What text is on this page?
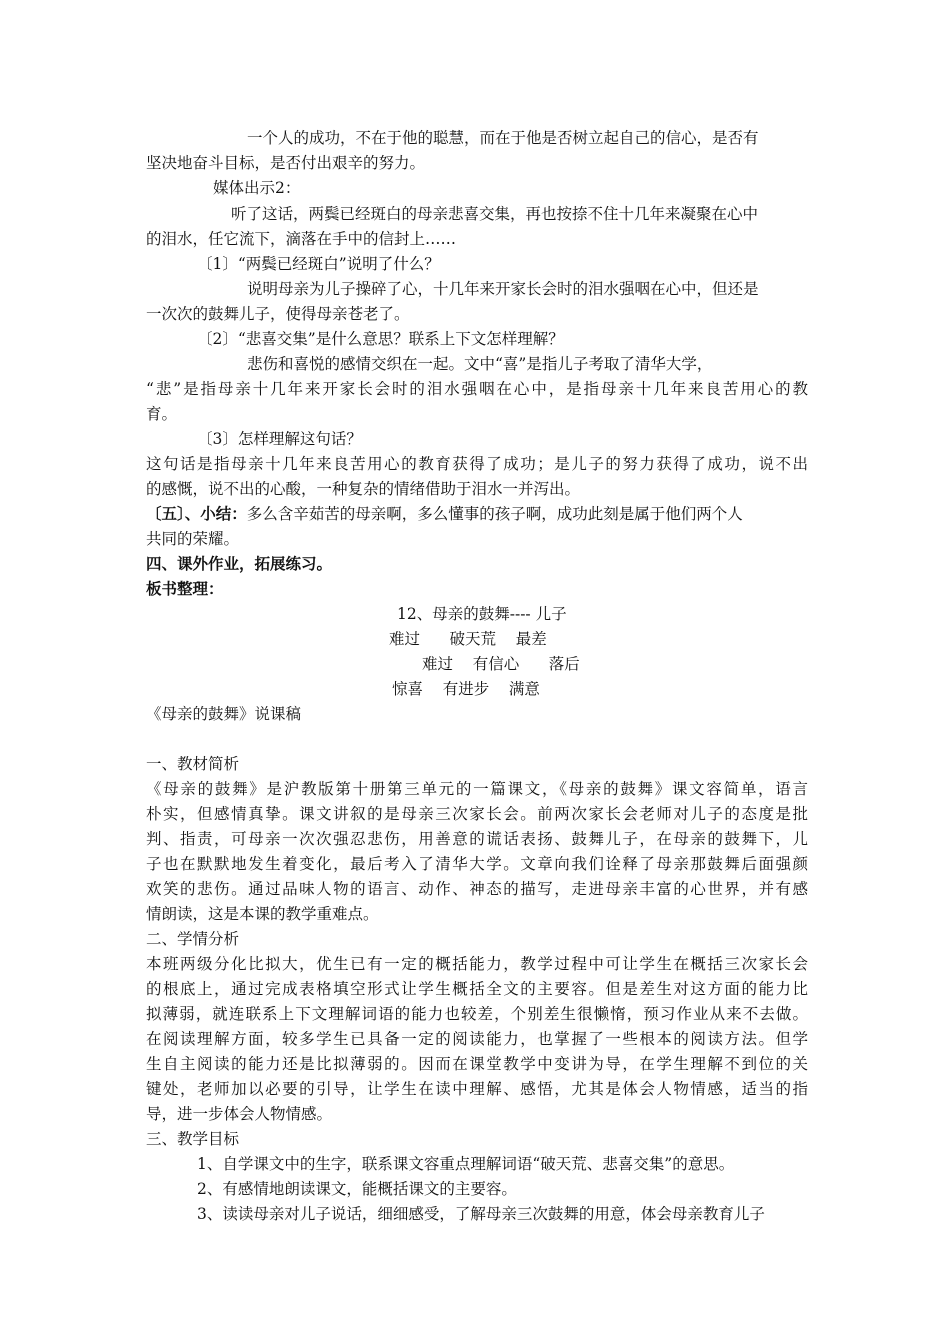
一个人的成功，不在于他的聪慧，而在于他是否树立起自己的信心，是否有
坚决地奋斗目标，是否付出艰辛的努力。
媒体出示2：
听了这话，两鬓已经斑白的母亲悲喜交集，再也按捺不住十几年来凝聚在心中
的泪水，任它流下，滴落在手中的信封上……
〔1〕“两鬓已经斑白”说明了什么？
说明母亲为儿子操碎了心，十几年来开家长会时的泪水强咽在心中，但还是
一次次的鼓舞儿子，使得母亲苍老了。
〔2〕“悲喜交集”是什么意思？联系上下文怎样理解？
悲伤和喜悦的感情交织在一起。文中“喜”是指儿子考取了清华大学，
“悲”是指母亲十几年来开家长会时的泪水强咽在心中，是指母亲十几年来良苦用心的教
育。
〔3〕怎样理解这句话？
这句话是指母亲十几年来良苦用心的教育获得了成功；是儿子的努力获得了成功，说不出
的感慨，说不出的心酸，一种复杂的情绪借助于泪水一并泻出。
〔五〕、小结：多么含辛茹苦的母亲啊，多么懂事的孩子啊，成功此刻是属于他们两个人
共同的荣耀。
四、课外作业，拓展练习。
板书整理：
12、母亲的鼓舞---- 儿子
难过      破天荒    最差
难过    有信心      落后
惊喜    有进步    满意
《母亲的鼓舞》说课稿
一、教材简析
《母亲的鼓舞》是沪教版第十册第三单元的一篇课文，《母亲的鼓舞》课文容简单，语言
朴实，但感情真挚。课文讲叙的是母亲三次家长会。前两次家长会老师对儿子的态度是批
判、指责，可母亲一次次强忍悲伤，用善意的谎话表扬、鼓舞儿子，在母亲的鼓舞下，儿
子也在默默地发生着变化，最后考入了清华大学。文章向我们诠释了母亲那鼓舞后面强颜
欢笑的悲伤。通过品味人物的语言、动作、神态的描写，走进母亲丰富的心世界，并有感
情朗读，这是本课的教学重难点。
二、学情分析
本班两级分化比拟大，优生已有一定的概括能力，教学过程中可让学生在概括三次家长会
的根底上，通过完成表格填空形式让学生概括全文的主要容。但是差生对这方面的能力比
拟薄弱，就连联系上下文理解词语的能力也较差，个别差生很懒惰，预习作业从来不去做。
在阅读理解方面，较多学生已具备一定的阅读能力，也掌握了一些根本的阅读方法。但学
生自主阅读的能力还是比拟薄弱的。因而在课堂教学中变讲为导，在学生理解不到位的关
键处，老师加以必要的引导，让学生在读中理解、感悟，尤其是体会人物情感，适当的指
导，进一步体会人物情感。
三、教学目标
1、自学课文中的生字，联系课文容重点理解词语“破天荒、悲喜交集”的意思。
2、有感情地朗读课文，能概括课文的主要容。
3、读读母亲对儿子说话，细细感受，了解母亲三次鼓舞的用意，体会母亲教育儿子
